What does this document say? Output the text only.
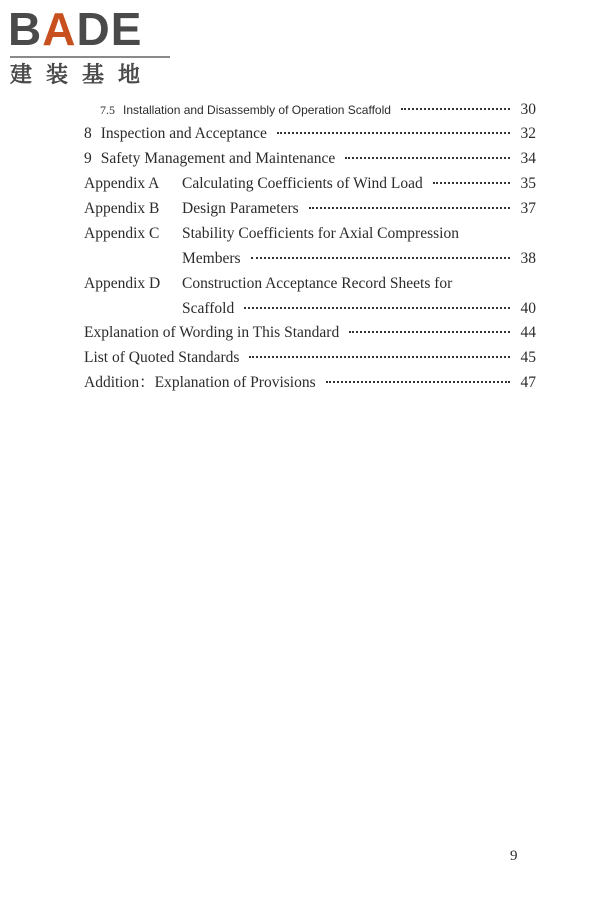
BADE
建装基地
7.5 Installation and Disassembly of Operation Scaffold	30
8 Inspection and Acceptance	32
9 Safety Management and Maintenance	34
Appendix A	Calculating Coefficients of Wind Load	35
Appendix B	Design Parameters	37
Appendix C Stability Coefficients for Axial Compression
Members	38
Appendix D Construction Acceptance Record Sheets for
Scaffold	40
Explanation of Wording in This Standard	44
List of Quoted Standards	45
Addition：Explanation of Provisions	47
9
